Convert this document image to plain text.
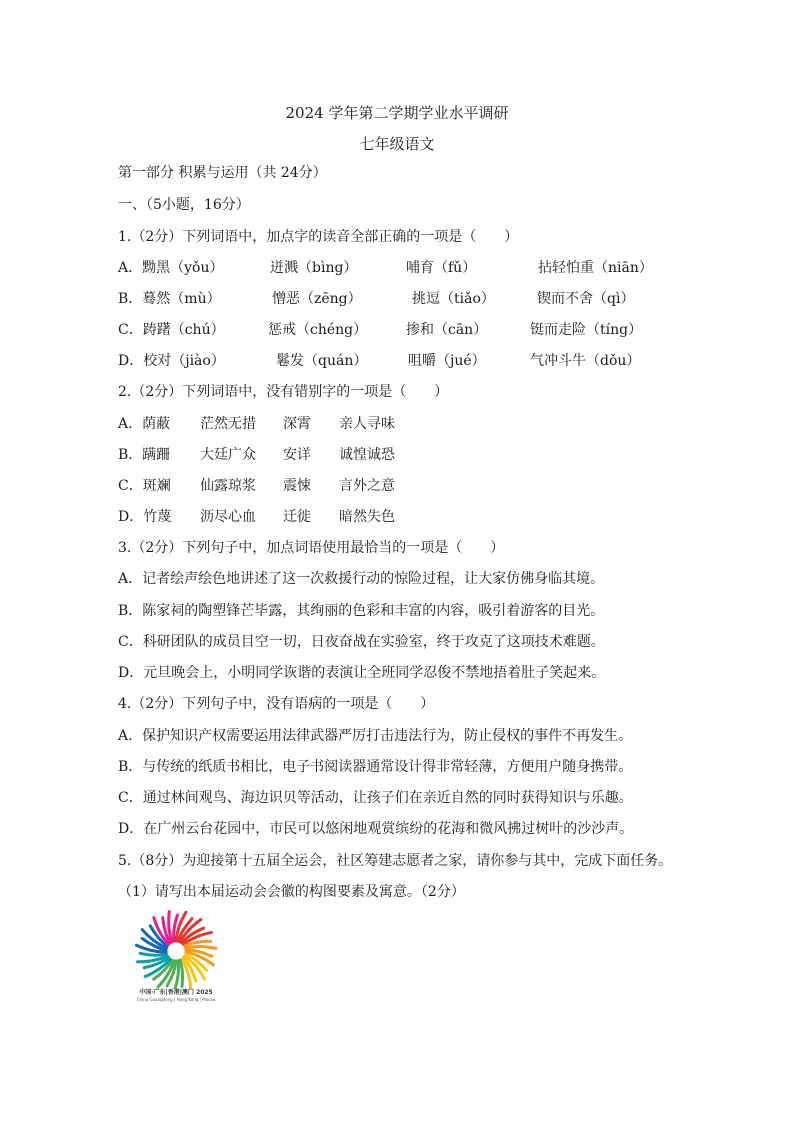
2024 学年第二学期学业水平调研
七年级语文
第一部分 积累与运用（共 24分）
一、（5小题，16分）
1.（2分）下列词语中，加点字的读音全部正确的一项是（　　）
A．黝黑（yǒu）	迸溅（bìng）	哺育（fǔ）	拈轻怕重（niān）
B．蓦然（mù）	憎恶（zēng）	挑逗（tiǎo）	锲而不舍（qì）
C．踌躇（chú）	惩戒（chéng）	掺和（cān）	铤而走险（tíng）
D．校对（jiào）	鬈发（quán）	咀嚼（jué）	气冲斗牛（dǒu）
2.（2分）下列词语中，没有错别字的一项是（　　）
A．荫蔽 茫然无措 深霄 亲人寻味
B．蹒跚 大廷广众 安详 诚惶诚恐
C．斑斓 仙露琼浆 震悚 言外之意
D．竹蔑 沥尽心血 迁徙 暗然失色
3.（2分）下列句子中，加点词语使用最恰当的一项是（　　）
A．记者绘声绘色地讲述了这一次救援行动的惊险过程，让大家仿佛身临其境。
B．陈家祠的陶塑锋芒毕露，其绚丽的色彩和丰富的内容，吸引着游客的目光。
C．科研团队的成员目空一切，日夜奋战在实验室，终于攻克了这项技术难题。
D．元旦晚会上，小明同学诙谐的表演让全班同学忍俊不禁地捂着肚子笑起来。
4.（2分）下列句子中，没有语病的一项是（　　）
A．保护知识产权需要运用法律武器严厉打击违法行为，防止侵权的事件不再发生。
B．与传统的纸质书相比，电子书阅读器通常设计得非常轻薄，方便用户随身携带。
C．通过林间观鸟、海边识贝等活动，让孩子们在亲近自然的同时获得知识与乐趣。
D．在广州云台花园中，市民可以悠闲地观赏缤纷的花海和微风拂过树叶的沙沙声。
5.（8分）为迎接第十五届全运会，社区筹建志愿者之家，请你参与其中，完成下面任务。
（1）请写出本届运动会会徽的构图要素及寓意。（2分）
中国·广东|香港|澳门 2025
China Guangdong | Hong Kong | Macao
